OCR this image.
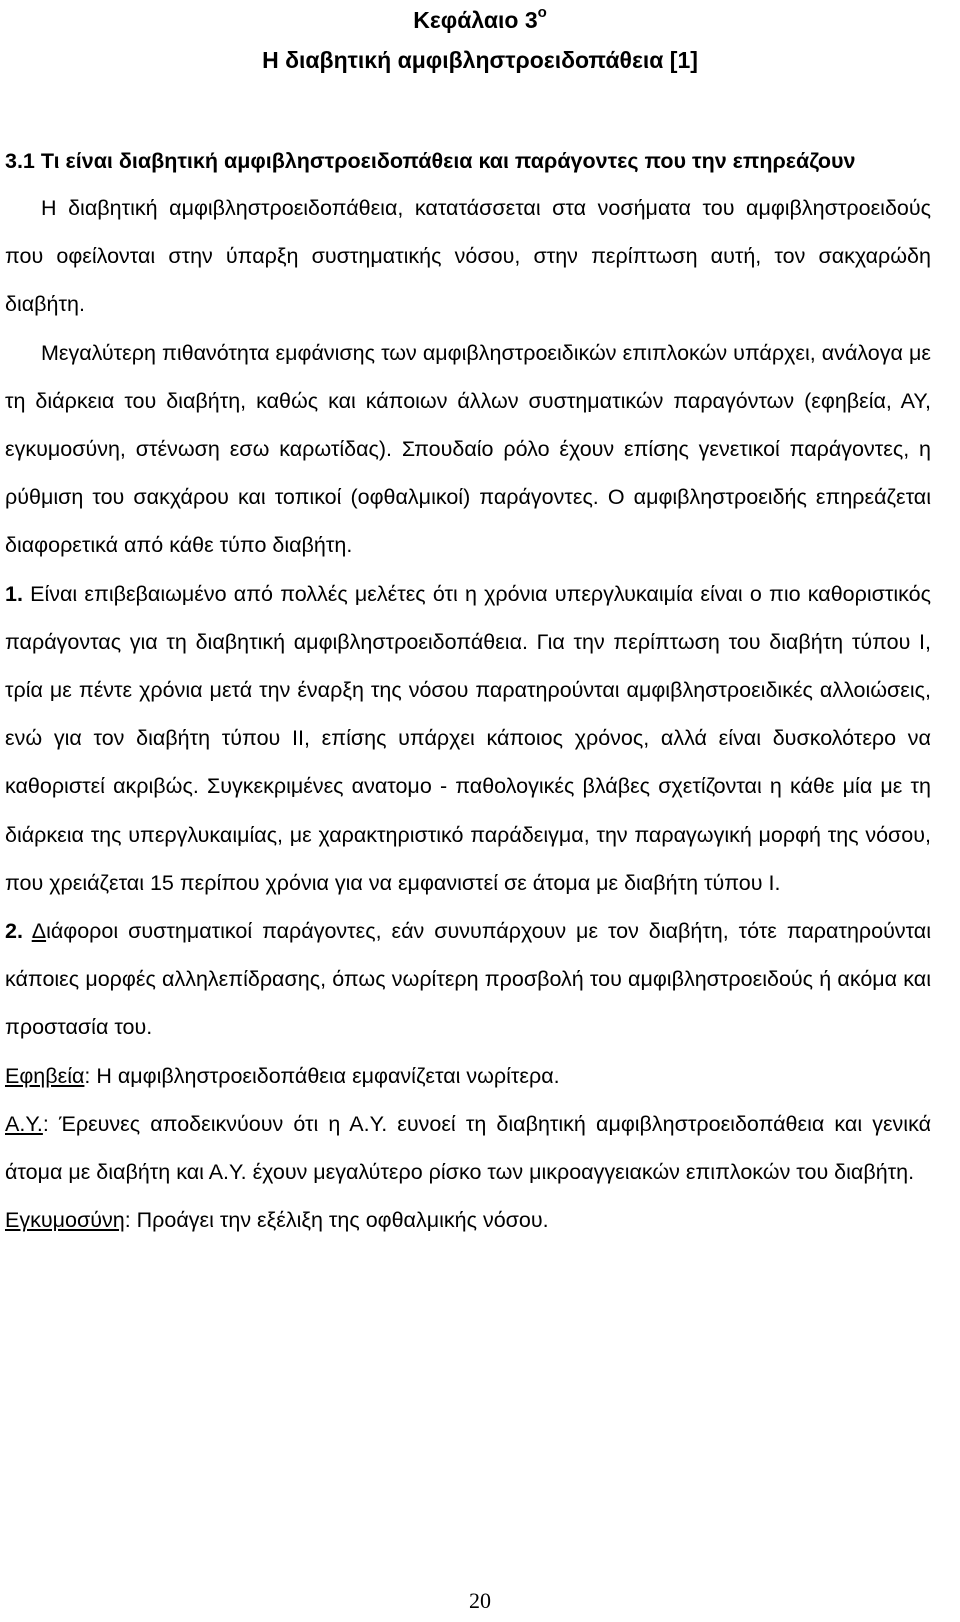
Κεφάλαιο $3^o$
Η διαβητική αμφιβληστροειδοπάθεια [1]

3.1 Τι είναι διαβητική αμφιβληστροειδοπάθεια και παράγοντες που την επηρεάζουν

Η διαβητική αμφιβληστροειδοπάθεια, κατατάσσεται στα νοσήματα του αμφιβληστροειδούς που οφείλονται στην ύπαρξη συστηματικής νόσου, στην περίπτωση αυτή, τον σακχαρώδη διαβήτη.

Μεγαλύτερη πιθανότητα εμφάνισης των αμφιβληστροειδικών επιπλοκών υπάρχει, ανάλογα με τη διάρκεια του διαβήτη, καθώς και κάποιων άλλων συστηματικών παραγόντων (εφηβεία, ΑΥ, εγκυμοσύνη, στένωση εσω καρωτίδας). Σπουδαίο ρόλο έχουν επίσης γενετικοί παράγοντες, η ρύθμιση του σακχάρου και τοπικοί (οφθαλμικοί) παράγοντες. Ο αμφιβληστροειδής επηρεάζεται διαφορετικά από κάθε τύπο διαβήτη.

1. Είναι επιβεβαιωμένο από πολλές μελέτες ότι η χρόνια υπεργλυκαιμία είναι ο πιο καθοριστικός παράγοντας για τη διαβητική αμφιβληστροειδοπάθεια. Για την περίπτωση του διαβήτη τύπου Ι, τρία με πέντε χρόνια μετά την έναρξη της νόσου παρατηρούνται αμφιβληστροειδικές αλλοιώσεις, ενώ για τον διαβήτη τύπου ΙΙ, επίσης υπάρχει κάποιος χρόνος, αλλά είναι δυσκολότερο να καθοριστεί ακριβώς. Συγκεκριμένες ανατομο - παθολογικές βλάβες σχετίζονται η κάθε μία με τη διάρκεια της υπεργλυκαιμίας, με χαρακτηριστικό παράδειγμα, την παραγωγική μορφή της νόσου, που χρειάζεται 15 περίπου χρόνια για να εμφανιστεί σε άτομα με διαβήτη τύπου Ι.

2. Διάφοροι συστηματικοί παράγοντες, εάν συνυπάρχουν με τον διαβήτη, τότε παρατηρούνται κάποιες μορφές αλληλεπίδρασης, όπως νωρίτερη προσβολή του αμφιβληστροειδούς ή ακόμα και προστασία του.

Εφηβεία: Η αμφιβληστροειδοπάθεια εμφανίζεται νωρίτερα.

Α.Υ.: Έρευνες αποδεικνύουν ότι η Α.Υ. ευνοεί τη διαβητική αμφιβληστροειδοπάθεια και γενικά άτομα με διαβήτη και Α.Υ. έχουν μεγαλύτερο ρίσκο των μικροαγγειακών επιπλοκών του διαβήτη.

Εγκυμοσύνη: Προάγει την εξέλιξη της οφθαλμικής νόσου.

20
